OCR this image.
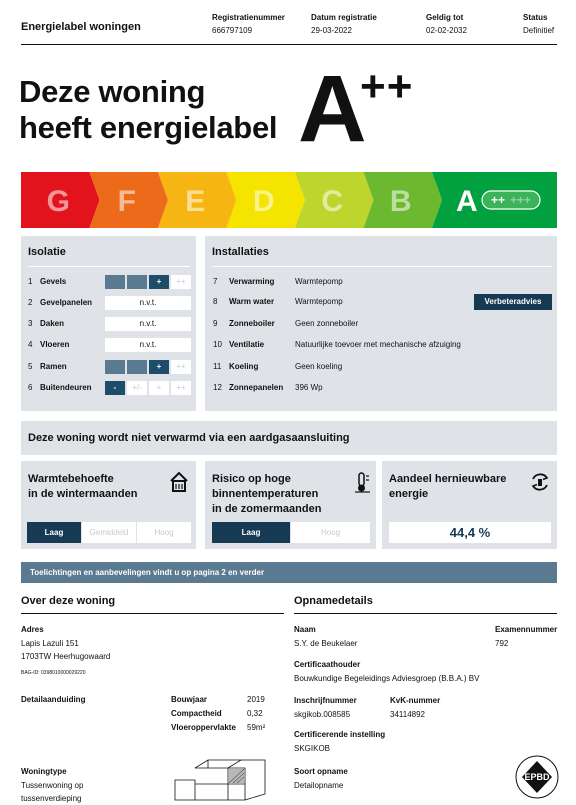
Energielabel woningen
Registratienummer
666797109
Datum registratie
29-03-2022
Geldig tot
02-02-2032
Status
Definitief
Deze woning
heeft energielabel A
++
G F E D C B A ++ +++
Isolatie
1 Gevels	+	++
2 Gevelpanelen	n.v.t.
3 Daken	n.v.t.
4 Vloeren	n.v.t.
5 Ramen	+	++
6 Buitendeuren	-	+/-	+	++
Installaties
7 Verwarming	Warmtepomp
8 Warm water	Warmtepomp	Verbeteradvies
9 Zonneboiler	Geen zonneboiler
10 Ventilatie	Natuurlijke toevoer met mechanische afzuiging
11 Koeling	Geen koeling
12 Zonnepanelen 396 Wp
Deze woning wordt niet verwarmd via een aardgasaansluiting
Warmtebehoefte
in de wintermaanden
Laag	Gemiddeld	Hoog
Risico op hoge
binnentemperaturen
in de zomermaanden
Laag	Hoog
Aandeel hernieuwbare
energie
44,4 %
Toelichtingen en aanbevelingen vindt u op pagina 2 en verder
Over deze woning
Adres
Lapis Lazuli 151
1703TW Heerhugowaard
BAG-ID: 0398010000029220
Detailaanduiding	Bouwjaar	2019
Compactheid	0,32
Vloeroppervlakte 59m²
Woningtype
Tussenwoning op
tussenverdieping
Opnamedetails
Naam
S.Y. de Beukelaer
Examennummer
792
Certificaathouder
Bouwkundige Begeleidings Adviesgroep (B.B.A.) BV
Inschrijfnummer
skgikob.008585
KvK-nummer
34114892
Certificerende instelling
SKGIKOB
Soort opname
Detailopname
EPBD
